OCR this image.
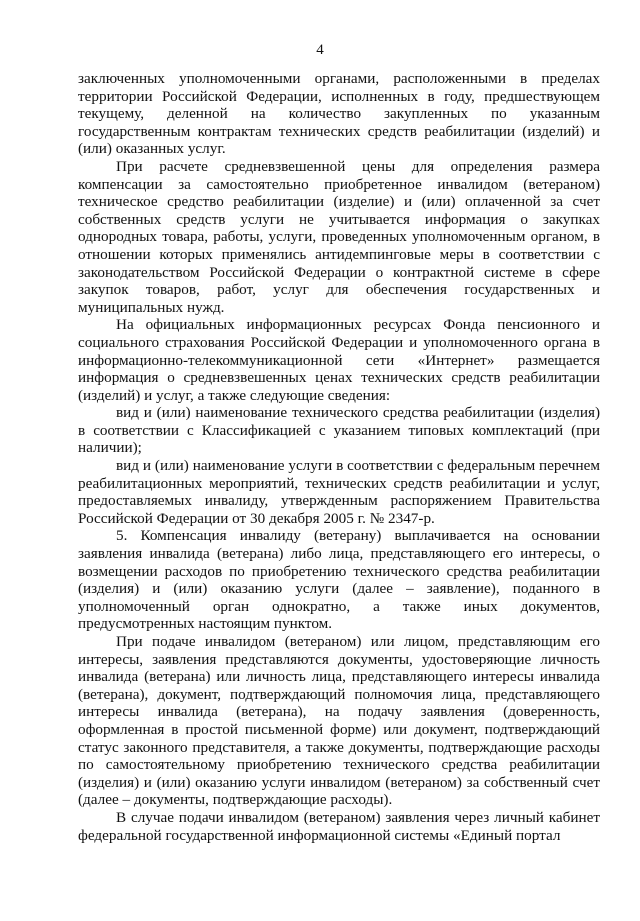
4

заключенных уполномоченными органами, расположенными в пределах территории Российской Федерации, исполненных в году, предшествующем текущему, деленной на количество закупленных по указанным государственным контрактам технических средств реабилитации (изделий) и (или) оказанных услуг.

При расчете средневзвешенной цены для определения размера компенсации за самостоятельно приобретенное инвалидом (ветераном) техническое средство реабилитации (изделие) и (или) оплаченной за счет собственных средств услуги не учитывается информация о закупках однородных товара, работы, услуги, проведенных уполномоченным органом, в отношении которых применялись антидемпинговые меры в соответствии с законодательством Российской Федерации о контрактной системе в сфере закупок товаров, работ, услуг для обеспечения государственных и муниципальных нужд.

На официальных информационных ресурсах Фонда пенсионного и социального страхования Российской Федерации и уполномоченного органа в информационно-телекоммуникационной сети «Интернет» размещается информация о средневзвешенных ценах технических средств реабилитации (изделий) и услуг, а также следующие сведения:

вид и (или) наименование технического средства реабилитации (изделия) в соответствии с Классификацией с указанием типовых комплектаций (при наличии);

вид и (или) наименование услуги в соответствии с федеральным перечнем реабилитационных мероприятий, технических средств реабилитации и услуг, предоставляемых инвалиду, утвержденным распоряжением Правительства Российской Федерации от 30 декабря 2005 г. № 2347-р.

5. Компенсация инвалиду (ветерану) выплачивается на основании заявления инвалида (ветерана) либо лица, представляющего его интересы, о возмещении расходов по приобретению технического средства реабилитации (изделия) и (или) оказанию услуги (далее – заявление), поданного в уполномоченный орган однократно, а также иных документов, предусмотренных настоящим пунктом.

При подаче инвалидом (ветераном) или лицом, представляющим его интересы, заявления представляются документы, удостоверяющие личность инвалида (ветерана) или личность лица, представляющего интересы инвалида (ветерана), документ, подтверждающий полномочия лица, представляющего интересы инвалида (ветерана), на подачу заявления (доверенность, оформленная в простой письменной форме) или документ, подтверждающий статус законного представителя, а также документы, подтверждающие расходы по самостоятельному приобретению технического средства реабилитации (изделия) и (или) оказанию услуги инвалидом (ветераном) за собственный счет (далее – документы, подтверждающие расходы).

В случае подачи инвалидом (ветераном) заявления через личный кабинет федеральной государственной информационной системы «Единый портал
